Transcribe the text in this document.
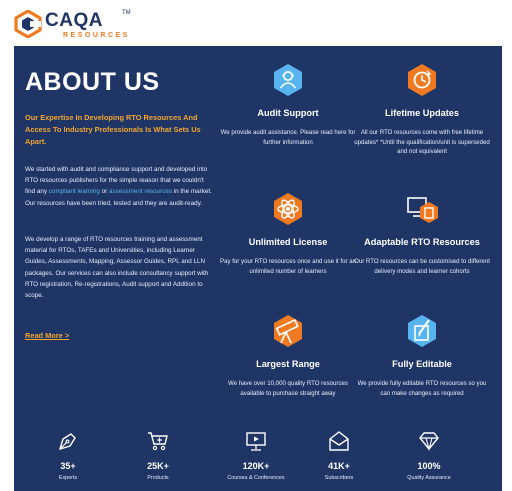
CAQA	TM
RESOURCES
ABOUT US

Our Expertise In Developing RTO Resources And Access To Industry Professionals Is What Sets Us Apart.

We started with audit and compliance support and developed into RTO resources publishers for the simple reason that we couldn't find any compliant learning or assessment resources in the market. Our resources have been tried, tested and they are audit-ready.

We develop a range of RTO resources training and assessment material for RTOs, TAFEs and Universities, including Learner Guides, Assessments, Mapping, Assessor Guides, RPL and LLN packages. Our services can also include consultancy support with RTO registration, Re-registrations, Audit support and Addition to scope.

Read More >
Audit Support
We provide audit assistance. Please read here for further information
Lifetime Updates
All our RTO resources come with free lifetime updates* *Until the qualification/unit is superseded and not equivalent
Unlimited License
Pay for your RTO resources once and use it for an unlimited number of learners
Adaptable RTO Resources
Our RTO resources can be customised to different delivery modes and learner cohorts
Largest Range
We have over 10,000 quality RTO resources available to purchase straight away
Fully Editable
We provide fully editable RTO resources so you can make changes as required
35+
Experts
25K+
Products
120K+
Courses & Conferences
41K+
Subscribers
100%
Quality Assurance
